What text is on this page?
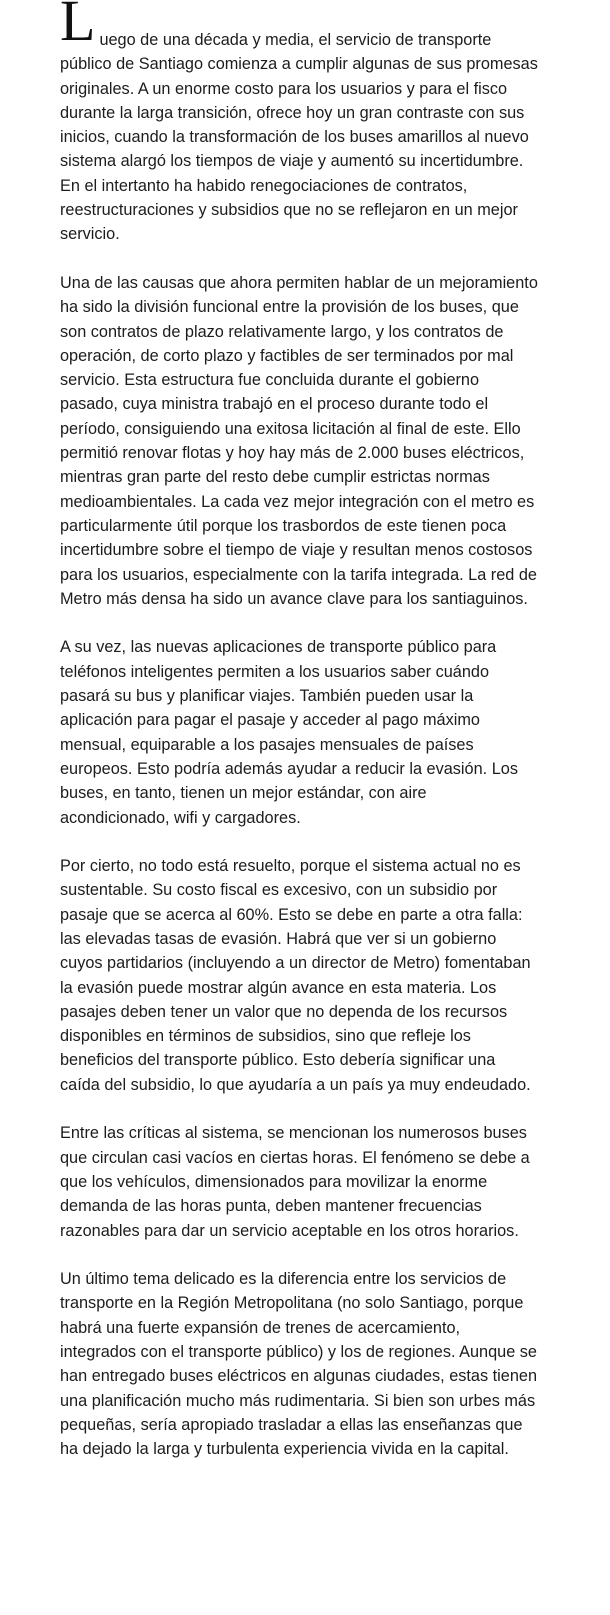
Luego de una década y media, el servicio de transporte público de Santiago comienza a cumplir algunas de sus promesas originales. A un enorme costo para los usuarios y para el fisco durante la larga transición, ofrece hoy un gran contraste con sus inicios, cuando la transformación de los buses amarillos al nuevo sistema alargó los tiempos de viaje y aumentó su incertidumbre. En el intertanto ha habido renegociaciones de contratos, reestructuraciones y subsidios que no se reflejaron en un mejor servicio.

Una de las causas que ahora permiten hablar de un mejoramiento ha sido la división funcional entre la provisión de los buses, que son contratos de plazo relativamente largo, y los contratos de operación, de corto plazo y factibles de ser terminados por mal servicio. Esta estructura fue concluida durante el gobierno pasado, cuya ministra trabajó en el proceso durante todo el período, consiguiendo una exitosa licitación al final de este. Ello permitió renovar flotas y hoy hay más de 2.000 buses eléctricos, mientras gran parte del resto debe cumplir estrictas normas medioambientales. La cada vez mejor integración con el metro es particularmente útil porque los trasbordos de este tienen poca incertidumbre sobre el tiempo de viaje y resultan menos costosos para los usuarios, especialmente con la tarifa integrada. La red de Metro más densa ha sido un avance clave para los santiaguinos.

A su vez, las nuevas aplicaciones de transporte público para teléfonos inteligentes permiten a los usuarios saber cuándo pasará su bus y planificar viajes. También pueden usar la aplicación para pagar el pasaje y acceder al pago máximo mensual, equiparable a los pasajes mensuales de países europeos. Esto podría además ayudar a reducir la evasión. Los buses, en tanto, tienen un mejor estándar, con aire acondicionado, wifi y cargadores.

Por cierto, no todo está resuelto, porque el sistema actual no es sustentable. Su costo fiscal es excesivo, con un subsidio por pasaje que se acerca al 60%. Esto se debe en parte a otra falla: las elevadas tasas de evasión. Habrá que ver si un gobierno cuyos partidarios (incluyendo a un director de Metro) fomentaban la evasión puede mostrar algún avance en esta materia. Los pasajes deben tener un valor que no dependa de los recursos disponibles en términos de subsidios, sino que refleje los beneficios del transporte público. Esto debería significar una caída del subsidio, lo que ayudaría a un país ya muy endeudado.

Entre las críticas al sistema, se mencionan los numerosos buses que circulan casi vacíos en ciertas horas. El fenómeno se debe a que los vehículos, dimensionados para movilizar la enorme demanda de las horas punta, deben mantener frecuencias razonables para dar un servicio aceptable en los otros horarios.

Un último tema delicado es la diferencia entre los servicios de transporte en la Región Metropolitana (no solo Santiago, porque habrá una fuerte expansión de trenes de acercamiento, integrados con el transporte público) y los de regiones. Aunque se han entregado buses eléctricos en algunas ciudades, estas tienen una planificación mucho más rudimentaria. Si bien son urbes más pequeñas, sería apropiado trasladar a ellas las enseñanzas que ha dejado la larga y turbulenta experiencia vivida en la capital.
